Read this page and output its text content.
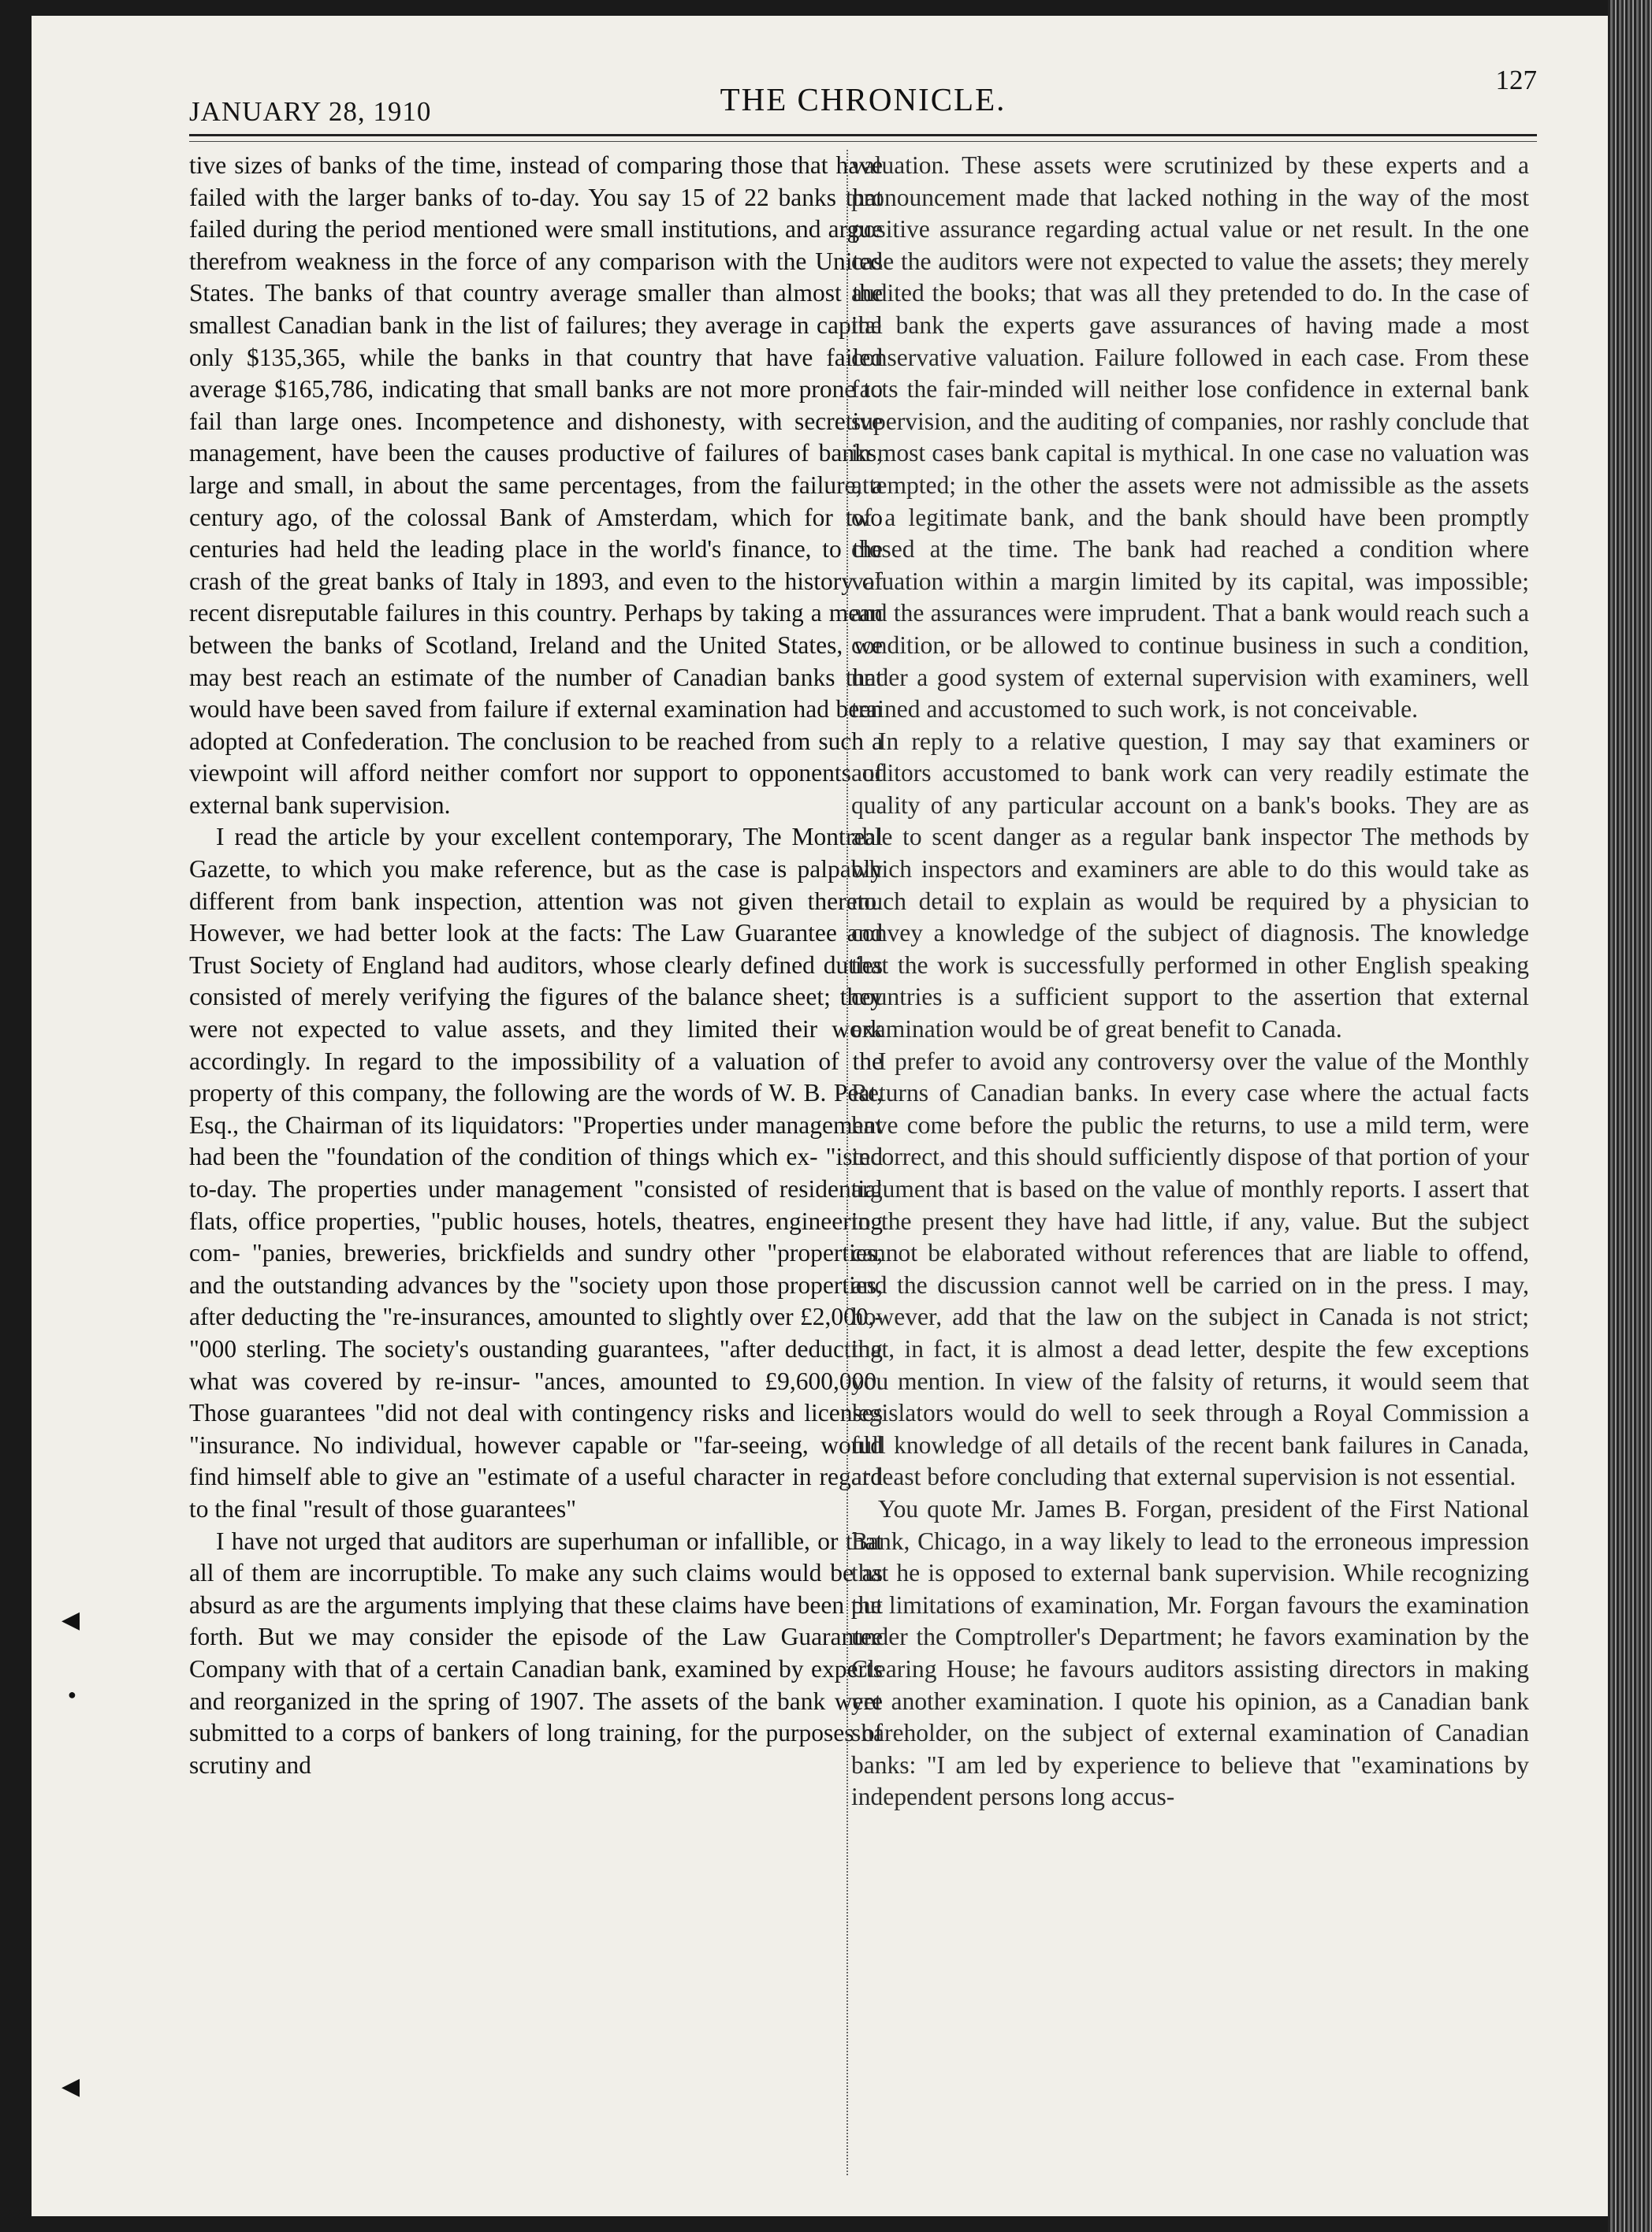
JANUARY 28, 1910	THE CHRONICLE.
127

tive sizes of banks of the time, instead of comparing those that have failed with the larger banks of to-day. You say 15 of 22 banks that failed during the period mentioned were small institutions, and argue therefrom weakness in the force of any comparison with the United States. The banks of that country average smaller than almost the smallest Canadian bank in the list of failures; they average in capital only $135,365, while the banks in that country that have failed average $165,786, indicating that small banks are not more prone to fail than large ones. Incompetence and dishonesty, with secretive management, have been the causes productive of failures of banks, large and small, in about the same percentages, from the failure, a century ago, of the colossal Bank of Amsterdam, which for two centuries had held the leading place in the world's finance, to the crash of the great banks of Italy in 1893, and even to the history of recent disreputable failures in this country. Perhaps by taking a mean between the banks of Scotland, Ireland and the United States, we may best reach an estimate of the number of Canadian banks that would have been saved from failure if external examination had been adopted at Confederation. The conclusion to be reached from such a viewpoint will afford neither comfort nor support to opponents of external bank supervision.

I read the article by your excellent contemporary, The Montreal Gazette, to which you make reference, but as the case is palpably different from bank inspection, attention was not given thereto. However, we had better look at the facts: The Law Guarantee and Trust Society of England had auditors, whose clearly defined duties consisted of merely verifying the figures of the balance sheet; they were not expected to value assets, and they limited their work accordingly. In regard to the impossibility of a valuation of the property of this company, the following are the words of W. B. Peat, Esq., the Chairman of its liquidators: "Properties under management had been the "foundation of the condition of things which ex- "isted to-day. The properties under management "consisted of residential flats, office properties, "public houses, hotels, theatres, engineering com- "panies, breweries, brickfields and sundry other "properties, and the outstanding advances by the "society upon those properties, after deducting the "re-insurances, amounted to slightly over £2,000,- "000 sterling. The society's oustanding guarantees, "after deducting what was covered by re-insur- "ances, amounted to £9,600,000. Those guarantees "did not deal with contingency risks and licenses "insurance. No individual, however capable or "far-seeing, would find himself able to give an "estimate of a useful character in regard to the final "result of those guarantees"

I have not urged that auditors are superhuman or infallible, or that all of them are incorruptible. To make any such claims would be as absurd as are the arguments implying that these claims have been put forth. But we may consider the episode of the Law Guarantee Company with that of a certain Canadian bank, examined by experts and reorganized in the spring of 1907. The assets of the bank were submitted to a corps of bankers of long training, for the purposes of scrutiny and

valuation. These assets were scrutinized by these experts and a pronouncement made that lacked nothing in the way of the most positive assurance regarding actual value or net result. In the one case the auditors were not expected to value the assets; they merely audited the books; that was all they pretended to do. In the case of the bank the experts gave assurances of having made a most conservative valuation. Failure followed in each case. From these facts the fair-minded will neither lose confidence in external bank supervision, and the auditing of companies, nor rashly conclude that in most cases bank capital is mythical. In one case no valuation was attempted; in the other the assets were not admissible as the assets of a legitimate bank, and the bank should have been promptly closed at the time. The bank had reached a condition where valuation within a margin limited by its capital, was impossible; and the assurances were imprudent. That a bank would reach such a condition, or be allowed to continue business in such a condition, under a good system of external supervision with examiners, well trained and accustomed to such work, is not conceivable.

In reply to a relative question, I may say that examiners or auditors accustomed to bank work can very readily estimate the quality of any particular account on a bank's books. They are as able to scent danger as a regular bank inspector The methods by which inspectors and examiners are able to do this would take as much detail to explain as would be required by a physician to convey a knowledge of the subject of diagnosis. The knowledge that the work is successfully performed in other English speaking countries is a sufficient support to the assertion that external examination would be of great benefit to Canada.

I prefer to avoid any controversy over the value of the Monthly Returns of Canadian banks. In every case where the actual facts have come before the public the returns, to use a mild term, were incorrect, and this should sufficiently dispose of that portion of your argument that is based on the value of monthly reports. I assert that to the present they have had little, if any, value. But the subject cannot be elaborated without references that are liable to offend, and the discussion cannot well be carried on in the press. I may, however, add that the law on the subject in Canada is not strict; that, in fact, it is almost a dead letter, despite the few exceptions you mention. In view of the falsity of returns, it would seem that legislators would do well to seek through a Royal Commission a full knowledge of all details of the recent bank failures in Canada, at least before concluding that external supervision is not essential.

You quote Mr. James B. Forgan, president of the First National Bank, Chicago, in a way likely to lead to the erroneous impression that he is opposed to external bank supervision. While recognizing the limitations of examination, Mr. Forgan favours the examination under the Comptroller's Department; he favors examination by the Clearing House; he favours auditors assisting directors in making yet another examination. I quote his opinion, as a Canadian bank shareholder, on the subject of external examination of Canadian banks: "I am led by experience to believe that "examinations by independent persons long accus-

◀
●
◀
